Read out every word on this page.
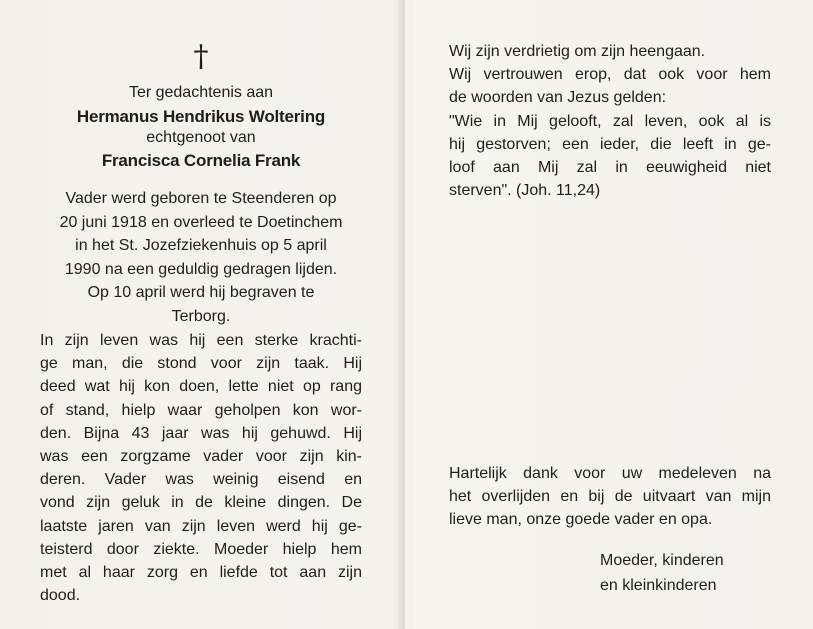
†
Ter gedachtenis aan
Hermanus Hendrikus Woltering
echtgenoot van
Francisca Cornelia Frank
Vader werd geboren te Steenderen op
20 juni 1918 en overleed te Doetinchem
in het St. Jozefziekenhuis op 5 april
1990 na een geduldig gedragen lijden.
Op 10 april werd hij begraven te
Terborg.
In zijn leven was hij een sterke krachti-
ge man, die stond voor zijn taak. Hij
deed wat hij kon doen, lette niet op rang
of stand, hielp waar geholpen kon wor-
den. Bijna 43 jaar was hij gehuwd. Hij
was een zorgzame vader voor zijn kin-
deren. Vader was weinig eisend en
vond zijn geluk in de kleine dingen. De
laatste jaren van zijn leven werd hij ge-
teisterd door ziekte. Moeder hielp hem
met al haar zorg en liefde tot aan zijn
dood.
Wij zijn verdrietig om zijn heengaan.
Wij vertrouwen erop, dat ook voor hem
de woorden van Jezus gelden:
"Wie in Mij gelooft, zal leven, ook al is
hij gestorven; een ieder, die leeft in ge-
loof aan Mij zal in eeuwigheid niet
sterven". (Joh. 11,24)
Hartelijk dank voor uw medeleven na
het overlijden en bij de uitvaart van mijn
lieve man, onze goede vader en opa.
Moeder, kinderen
en kleinkinderen
